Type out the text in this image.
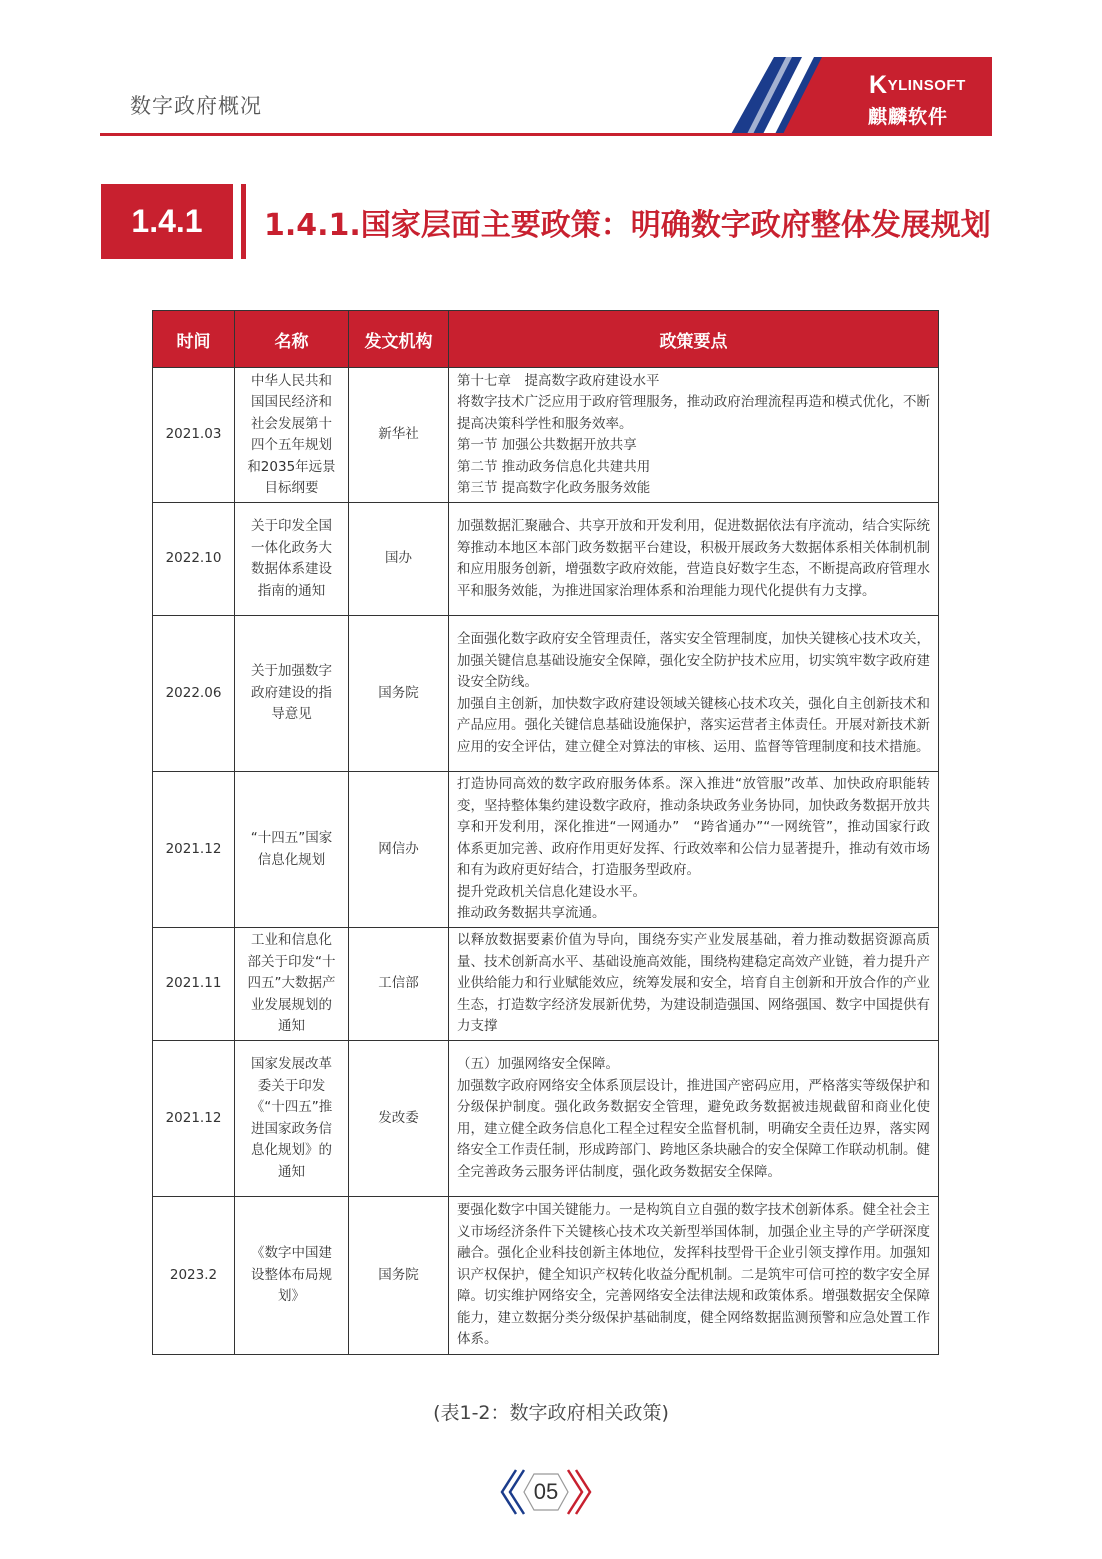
数字政府概况
KYLINSOFT
麒麟软件
1.4.1	1.4.1.国家层面主要政策：明确数字政府整体发展规划
时间	名称	发文机构	政策要点
2021.03	中华人民共和国国民经济和社会发展第十四个五年规划和2035年远景目标纲要	新华社	第十七章　提高数字政府建设水平
将数字技术广泛应用于政府管理服务，推动政府治理流程再造和模式优化，不断提高决策科学性和服务效率。
第一节 加强公共数据开放共享
第二节 推动政务信息化共建共用
第三节 提高数字化政务服务效能

2022.10	关于印发全国一体化政务大数据体系建设指南的通知	国办	加强数据汇聚融合、共享开放和开发利用，促进数据依法有序流动，结合实际统筹推动本地区本部门政务数据平台建设，积极开展政务大数据体系相关体制机制和应用服务创新，增强数字政府效能，营造良好数字生态，不断提高政府管理水平和服务效能，为推进国家治理体系和治理能力现代化提供有力支撑。

2022.06	关于加强数字政府建设的指导意见	国务院	全面强化数字政府安全管理责任，落实安全管理制度，加快关键核心技术攻关，加强关键信息基础设施安全保障，强化安全防护技术应用，切实筑牢数字政府建设安全防线。
加强自主创新，加快数字政府建设领域关键核心技术攻关，强化自主创新技术和产品应用。强化关键信息基础设施保护，落实运营者主体责任。开展对新技术新应用的安全评估，建立健全对算法的审核、运用、监督等管理制度和技术措施。

2021.12	“十四五”国家信息化规划	网信办	打造协同高效的数字政府服务体系。深入推进“放管服”改革、加快政府职能转变，坚持整体集约建设数字政府，推动条块政务业务协同，加快政务数据开放共享和开发利用，深化推进“一网通办”　“跨省通办”“一网统管”，推动国家行政体系更加完善、政府作用更好发挥、行政效率和公信力显著提升，推动有效市场和有为政府更好结合，打造服务型政府。
提升党政机关信息化建设水平。
推动政务数据共享流通。

2021.11	工业和信息化部关于印发“十四五”大数据产业发展规划的通知	工信部	以释放数据要素价值为导向，围绕夯实产业发展基础，着力推动数据资源高质量、技术创新高水平、基础设施高效能，围绕构建稳定高效产业链，着力提升产业供给能力和行业赋能效应，统筹发展和安全，培育自主创新和开放合作的产业生态，打造数字经济发展新优势，为建设制造强国、网络强国、数字中国提供有力支撑

2021.12	国家发展改革委关于印发《“十四五”推进国家政务信息化规划》的通知	发改委	（五）加强网络安全保障。
加强数字政府网络安全体系顶层设计，推进国产密码应用，严格落实等级保护和分级保护制度。强化政务数据安全管理，避免政务数据被违规截留和商业化使用，建立健全政务信息化工程全过程安全监督机制，明确安全责任边界，落实网络安全工作责任制，形成跨部门、跨地区条块融合的安全保障工作联动机制。健全完善政务云服务评估制度，强化政务数据安全保障。

2023.2	《数字中国建设整体布局规划》	国务院	要强化数字中国关键能力。一是构筑自立自强的数字技术创新体系。健全社会主义市场经济条件下关键核心技术攻关新型举国体制，加强企业主导的产学研深度融合。强化企业科技创新主体地位，发挥科技型骨干企业引领支撑作用。加强知识产权保护，健全知识产权转化收益分配机制。二是筑牢可信可控的数字安全屏障。切实维护网络安全，完善网络安全法律法规和政策体系。增强数据安全保障能力，建立数据分类分级保护基础制度，健全网络数据监测预警和应急处置工作体系。
(表1-2：数字政府相关政策)
05
